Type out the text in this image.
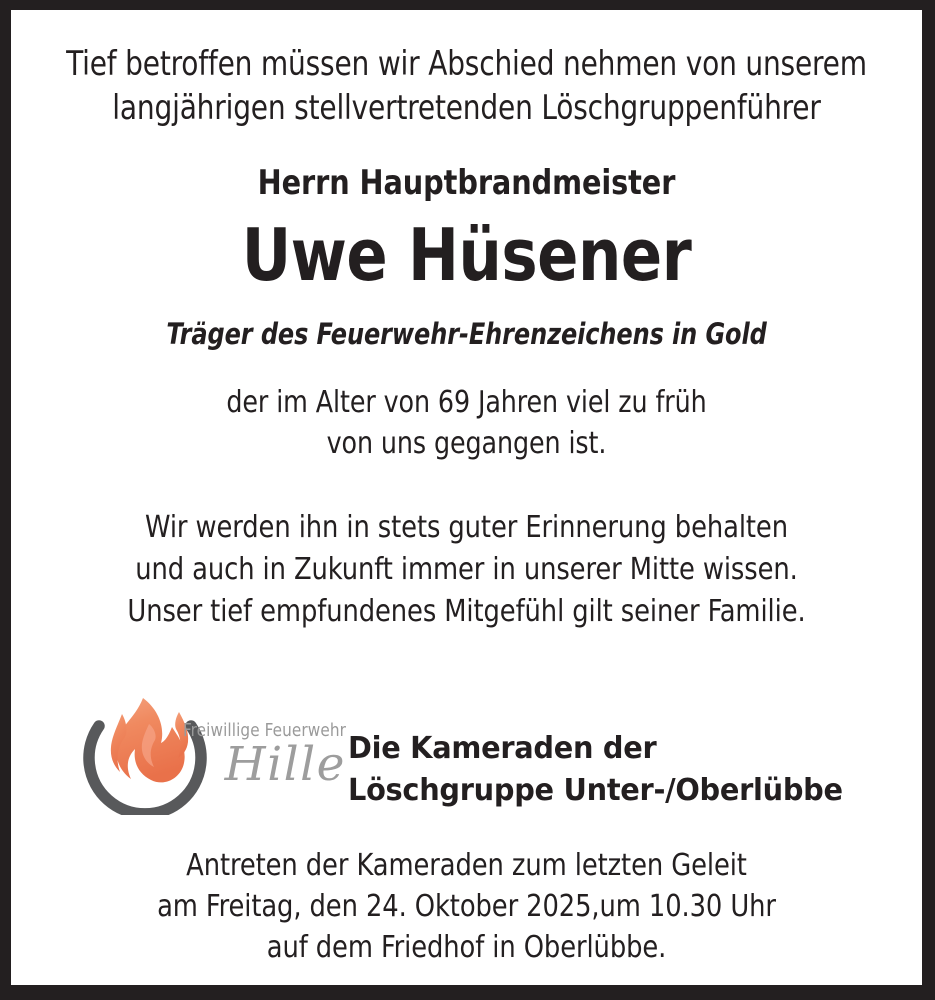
Tief betroffen müssen wir Abschied nehmen von unserem

langjährigen stellvertretenden Löschgruppenführer

Herrn Hauptbrandmeister

Uwe Hüsener

Träger des Feuerwehr-Ehrenzeichens in Gold

der im Alter von 69 Jahren viel zu früh

von uns gegangen ist.

Wir werden ihn in stets guter Erinnerung behalten

und auch in Zukunft immer in unserer Mitte wissen.

Unser tief empfundenes Mitgefühl gilt seiner Familie.

Freiwillige Feuerwehr
Hille Die Kameraden der
Löschgruppe Unter-/Oberlübbe

Antreten der Kameraden zum letzten Geleit

am Freitag, den 24. Oktober 2025,um 10.30 Uhr

auf dem Friedhof in Oberlübbe.
